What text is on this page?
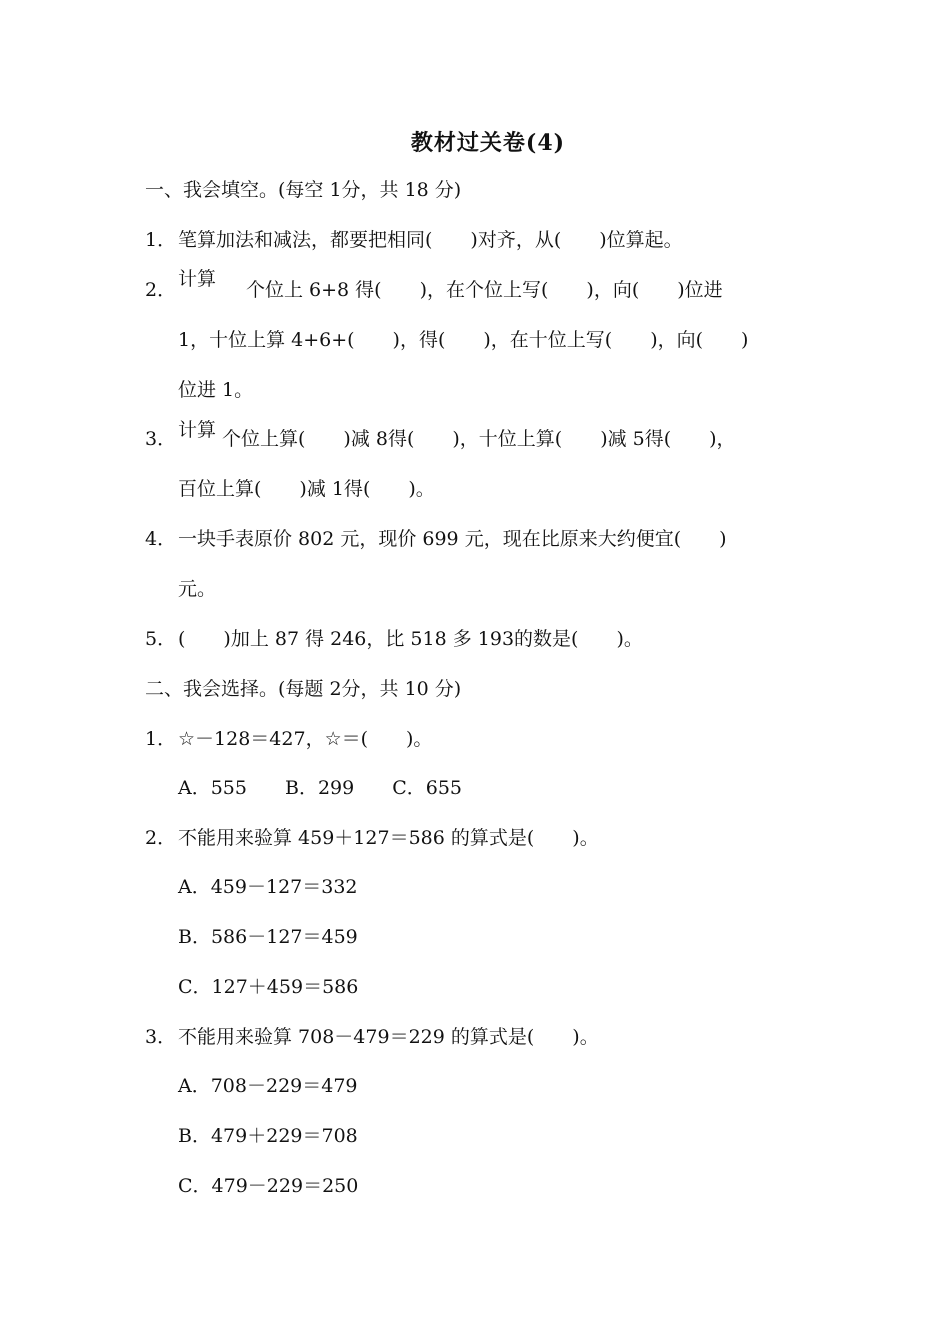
教材过关卷(4)
一、我会填空。(每空 1分，共 18 分)
1． 笔算加法和减法，都要把相同(　　)对齐，从(　　)位算起。
2． 计算 个位上 6+8 得(　　)，在个位上写(　　)，向(　　)位进
1，十位上算 4+6+(　　)，得(　　)，在十位上写(　　)，向(　　)
位进 1。
3． 计算 个位上算(　　)减 8得(　　)，十位上算(　　)减 5得(　　)，
百位上算(　　)减 1得(　　)。
4． 一块手表原价 802 元，现价 699 元，现在比原来大约便宜(　　)
元。
5． (　　)加上 87 得 246，比 518 多 193的数是(　　)。
二、我会选择。(每题 2分，共 10 分)
1． ☆－128＝427，☆＝(　　)。
A．555　　B．299　　C．655
2． 不能用来验算 459＋127＝586 的算式是(　　)。
A．459－127＝332
B．586－127＝459
C．127＋459＝586
3． 不能用来验算 708－479＝229 的算式是(　　)。
A．708－229＝479
B．479＋229＝708
C．479－229＝250
